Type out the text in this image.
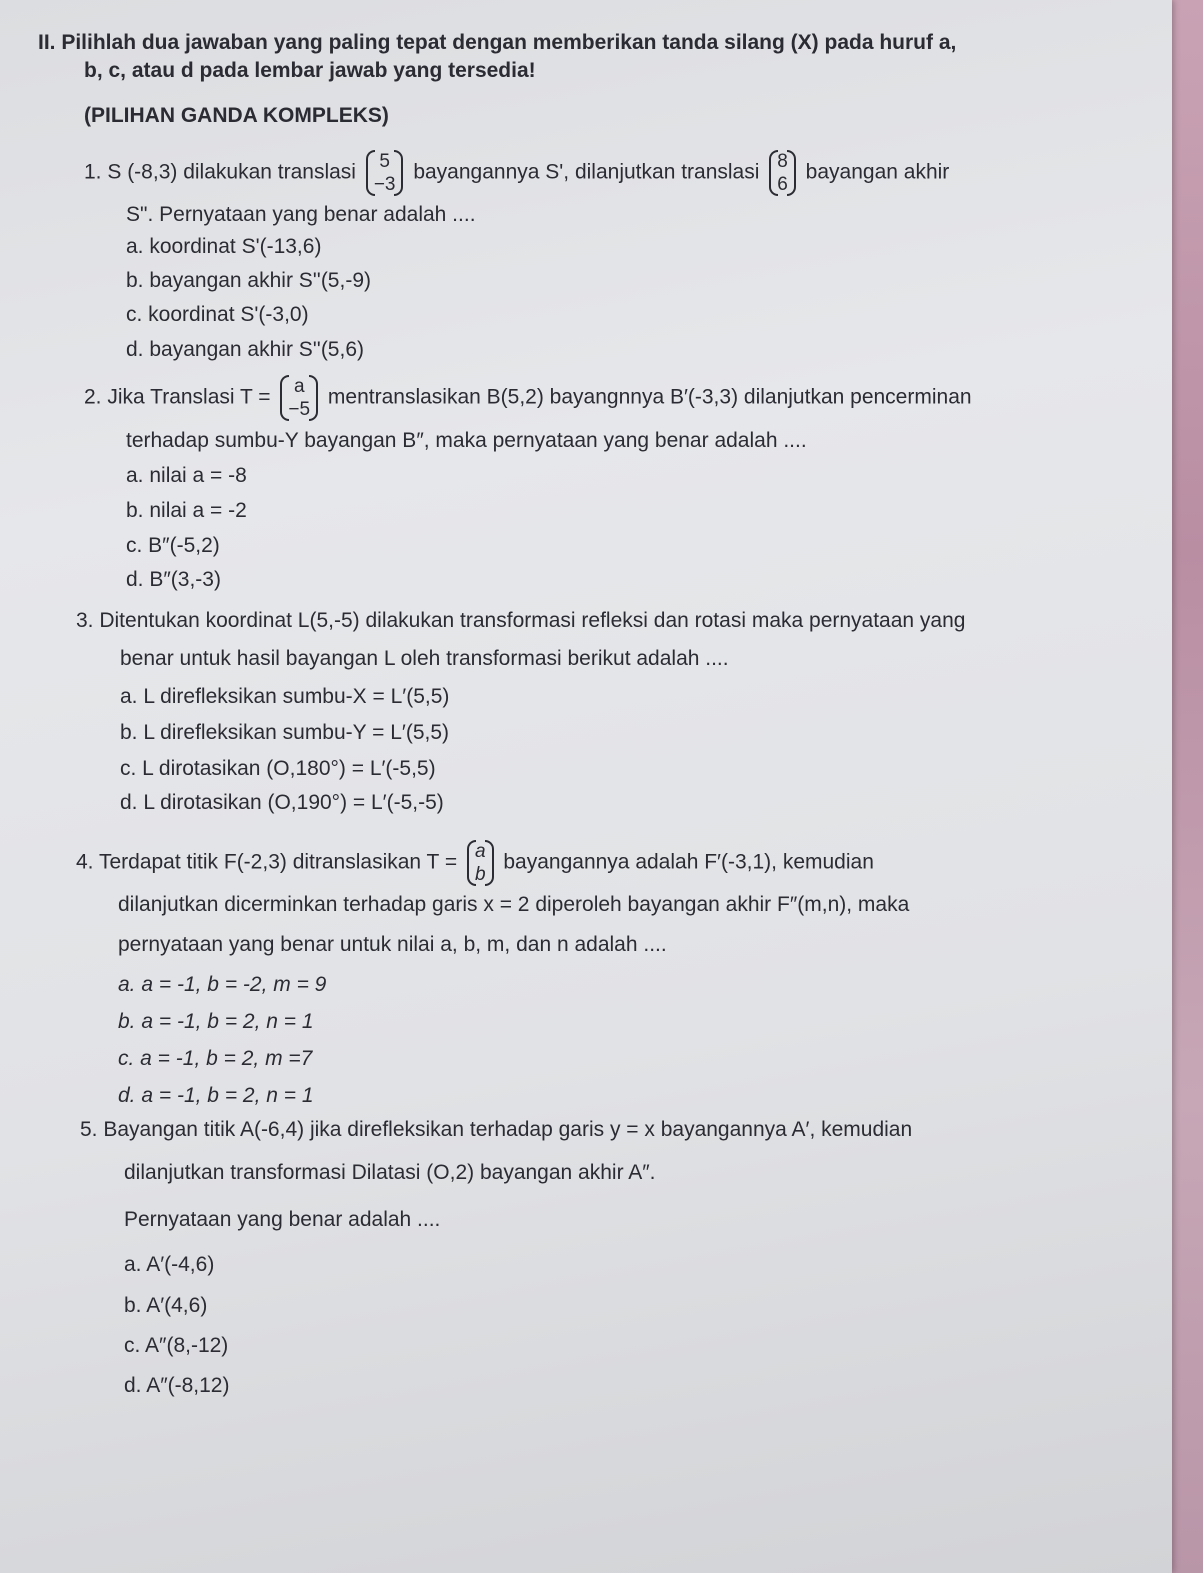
II. Pilihlah dua jawaban yang paling tepat dengan memberikan tanda silang (X) pada huruf a,
b, c, atau d pada lembar jawab yang tersedia!
(PILIHAN GANDA KOMPLEKS)
1. S (-8,3) dilakukan translasi 5
−3
bayangannya S', dilanjutkan translasi 8
6
bayangan akhir
S". Pernyataan yang benar adalah ....
a. koordinat S'(-13,6)
b. bayangan akhir S''(5,-9)
c. koordinat S'(-3,0)
d. bayangan akhir S''(5,6)
2. Jika Translasi T = a
−5
mentranslasikan B(5,2) bayangnnya B′(-3,3) dilanjutkan pencerminan
terhadap sumbu-Y bayangan B″, maka pernyataan yang benar adalah ....
a. nilai a = -8
b. nilai a = -2
c. B″(-5,2)
d. B″(3,-3)
3. Ditentukan koordinat L(5,-5) dilakukan transformasi refleksi dan rotasi maka pernyataan yang
benar untuk hasil bayangan L oleh transformasi berikut adalah ....
a. L direfleksikan sumbu-X = L′(5,5)
b. L direfleksikan sumbu-Y = L′(5,5)
c. L dirotasikan (O,180°) = L′(-5,5)
d. L dirotasikan (O,190°) = L′(-5,-5)
4. Terdapat titik F(-2,3) ditranslasikan T = a
b
bayangannya adalah F′(-3,1), kemudian
dilanjutkan dicerminkan terhadap garis x = 2 diperoleh bayangan akhir F″(m,n), maka
pernyataan yang benar untuk nilai a, b, m, dan n adalah ....
a. a = -1, b = -2, m = 9
b. a = -1, b = 2, n = 1
c. a = -1, b = 2, m =7
d. a = -1, b = 2, n = 1
5. Bayangan titik A(-6,4) jika direfleksikan terhadap garis y = x bayangannya A′, kemudian
dilanjutkan transformasi Dilatasi (O,2) bayangan akhir A″.
Pernyataan yang benar adalah ....
a. A′(-4,6)
b. A′(4,6)
c. A″(8,-12)
d. A″(-8,12)
